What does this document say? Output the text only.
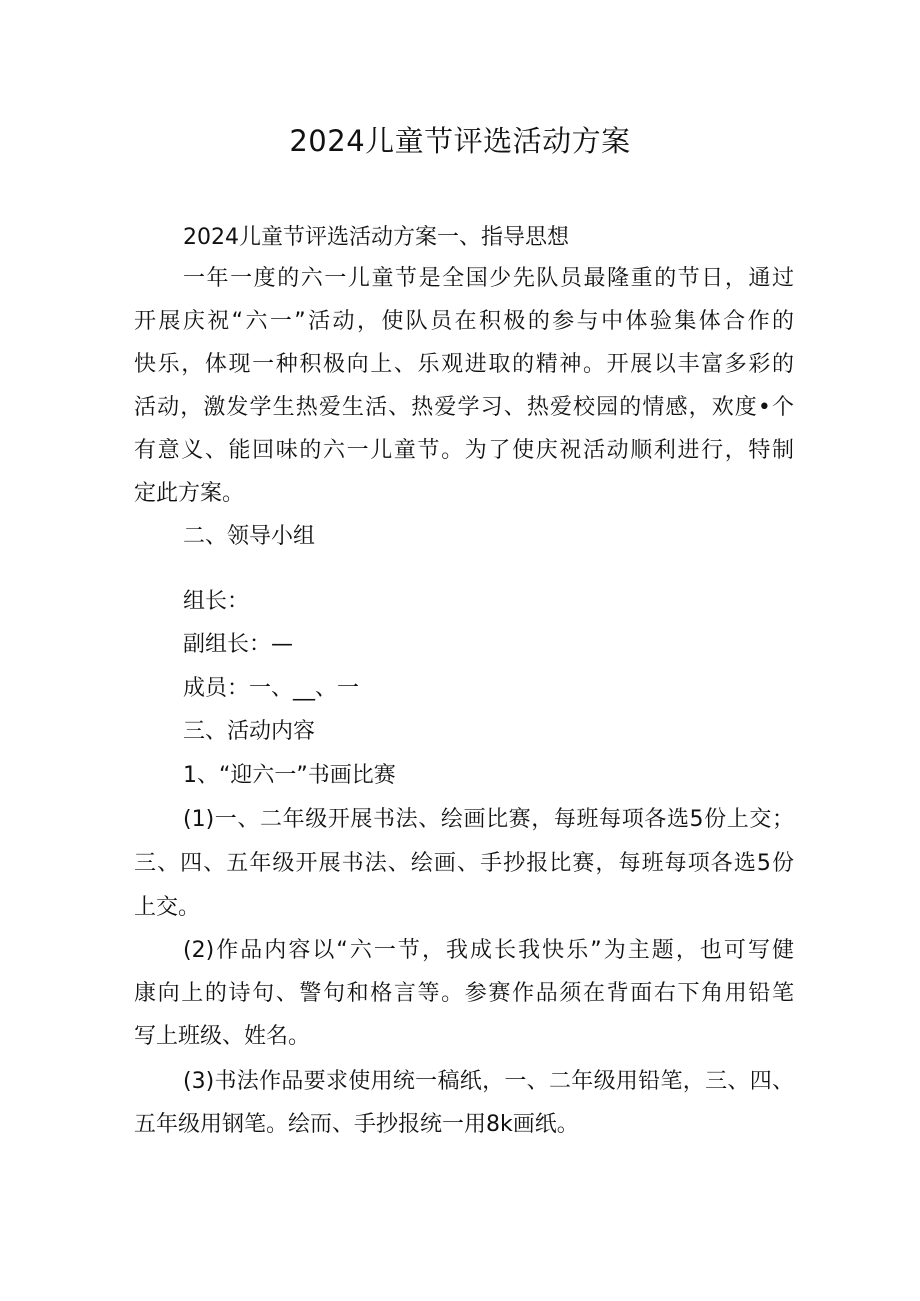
2024儿童节评选活动方案

2024儿童节评选活动方案一、指导思想

一年一度的六一儿童节是全国少先队员最隆重的节日，通过

开展庆祝“六一”活动，使队员在积极的参与中体验集体合作的

快乐，体现一种积极向上、乐观进取的精神。开展以丰富多彩的

活动，激发学生热爱生活、热爱学习、热爱校园的情感，欢度•个

有意义、能回味的六一儿童节。为了使庆祝活动顺利进行，特制

定此方案。

二、领导小组

组长：

副组长：—

成员：一、__、一

三、活动内容

1、“迎六一”书画比赛

(1)一、二年级开展书法、绘画比赛，每班每项各选5份上交；

三、四、五年级开展书法、绘画、手抄报比赛，每班每项各选5份

上交。

(2)作品内容以“六一节，我成长我快乐”为主题，也可写健

康向上的诗句、警句和格言等。参赛作品须在背面右下角用铅笔

写上班级、姓名。

(3)书法作品要求使用统一稿纸，一、二年级用铅笔，三、四、

五年级用钢笔。绘而、手抄报统一用8k画纸。
